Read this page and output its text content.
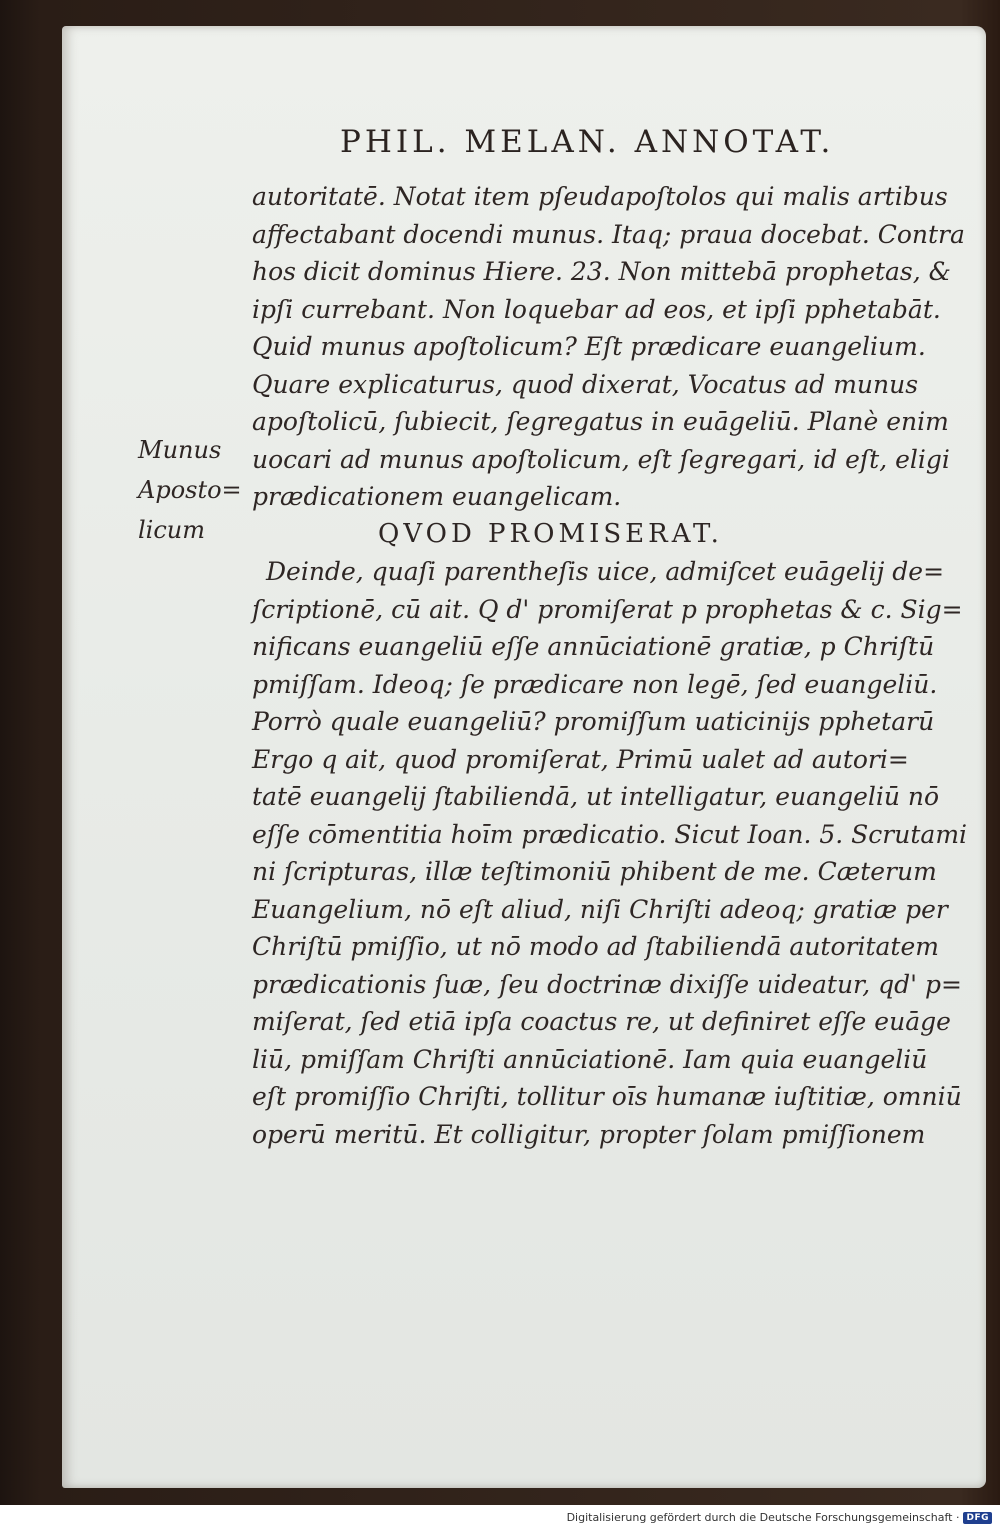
PHIL. MELAN. ANNOTAT.
Munus
Aposto=
licum
autoritatē. Notat item pſeudapoſtolos qui malis artibus
affectabant docendi munus. Itaq; praua docebat. Contra
hos dicit dominus Hiere. 23. Non mittebā prophetas, &
ipſi currebant. Non loquebar ad eos, et ipſi pphetabāt.
Quid munus apoſtolicum? Eſt prædicare euangelium.
Quare explicaturus, quod dixerat, Vocatus ad munus
apoſtolicū, ſubiecit, ſegregatus in euāgeliū. Planè enim
uocari ad munus apoſtolicum, eſt ſegregari, id eſt, eligi
prædicationem euangelicam.
QVOD PROMISERAT.
Deinde, quaſi parentheſis uice, admiſcet euāgelij de=
ſcriptionē, cū ait. Q d' promiſerat p prophetas & c. Sig=
nificans euangeliū eſſe annūciationē gratiæ, p Chriſtū
pmiſſam. Ideoq; ſe prædicare non legē, ſed euangeliū.
Porrò quale euangeliū? promiſſum uaticinijs pphetarū
Ergo q ait, quod promiſerat, Primū ualet ad autori=
tatē euangelij ſtabiliendā, ut intelligatur, euangeliū nō
eſſe cōmentitia hoīm prædicatio. Sicut Ioan. 5. Scrutami
ni ſcripturas, illæ teſtimoniū phibent de me. Cæterum
Euangelium, nō eſt aliud, niſi Chriſti adeoq; gratiæ per
Chriſtū pmiſſio, ut nō modo ad ſtabiliendā autoritatem
prædicationis ſuæ, ſeu doctrinæ dixiſſe uideatur, qd' p=
miſerat, ſed etiā ipſa coactus re, ut definiret eſſe euāge
liū, pmiſſam Chriſti annūciationē. Iam quia euangeliū
eſt promiſſio Chriſti, tollitur oīs humanæ iuſtitiæ, omniū
operū meritū. Et colligitur, propter ſolam pmiſſionem
Digitalisierung gefördert durch die Deutsche Forschungsgemeinschaft · DFG
